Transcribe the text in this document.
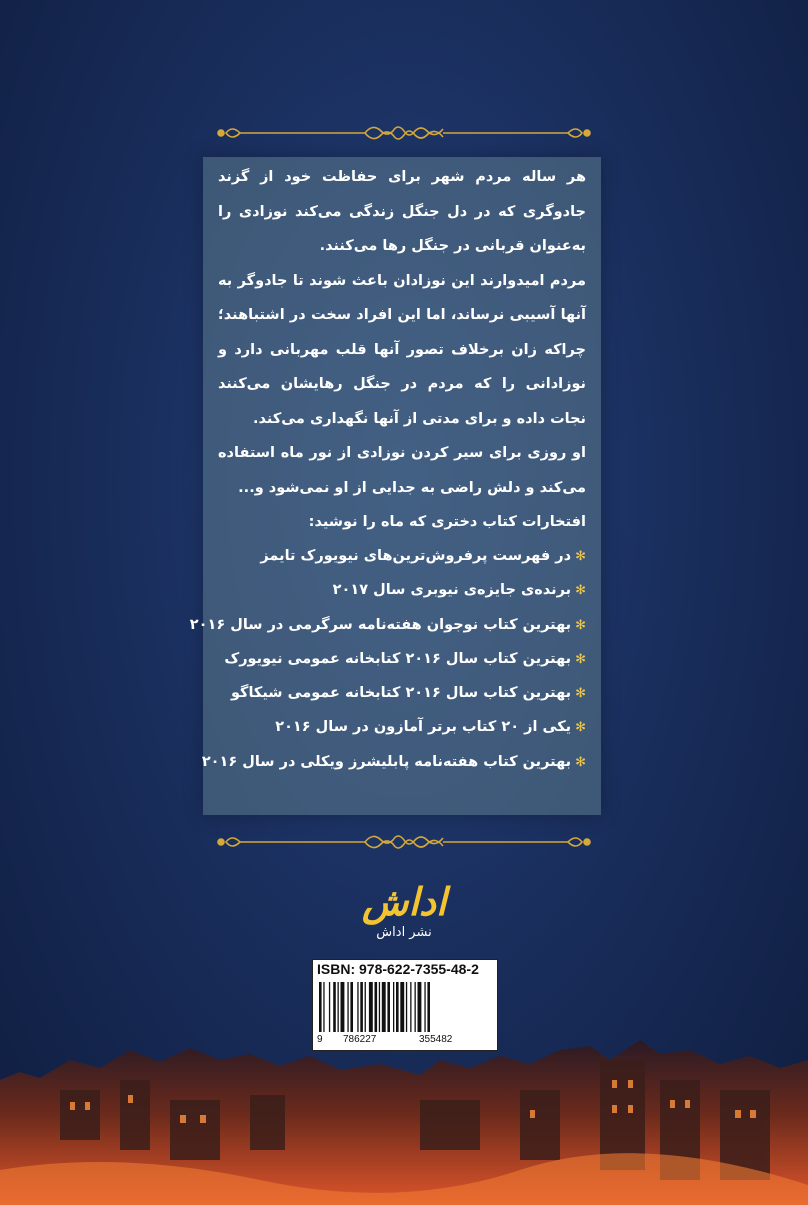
هر ساله مردم شهر برای حفاظت خود از گزند جادوگری که در دل جنگل زندگی می‌کند نوزادی را به‌عنوان قربانی در جنگل رها می‌کنند.

مردم امیدوارند این نوزادان باعث شوند تا جادوگر به آنها آسیبی نرساند، اما این افراد سخت در اشتباهند؛ چراکه زان برخلاف تصور آنها قلب مهربانی دارد و نوزادانی را که مردم در جنگل رهایشان می‌کنند نجات داده و برای مدتی از آنها نگهداری می‌کند.

او روزی برای سیر کردن نوزادی از نور ماه استفاده می‌کند و دلش راضی به جدایی از او نمی‌شود و...

افتخارات کتاب دختری که ماه را نوشید:
✻در فهرست پرفروش‌ترین‌های نیویورک تایمز
✻برنده‌ی جایزه‌ی نیوبری سال ۲۰۱۷
✻بهترین کتاب نوجوان هفته‌نامه سرگرمی در سال ۲۰۱۶
✻بهترین کتاب سال ۲۰۱۶ کتابخانه عمومی نیویورک
✻بهترین کتاب سال ۲۰۱۶ کتابخانه عمومی شیکاگو
✻یکی از ۲۰ کتاب برتر آمازون در سال ۲۰۱۶
✻بهترین کتاب هفته‌نامه پابلیشرز ویکلی در سال ۲۰۱۶
اداش
نشر اداش
ISBN: 978-622-7355-48-2
9 786227	355482
